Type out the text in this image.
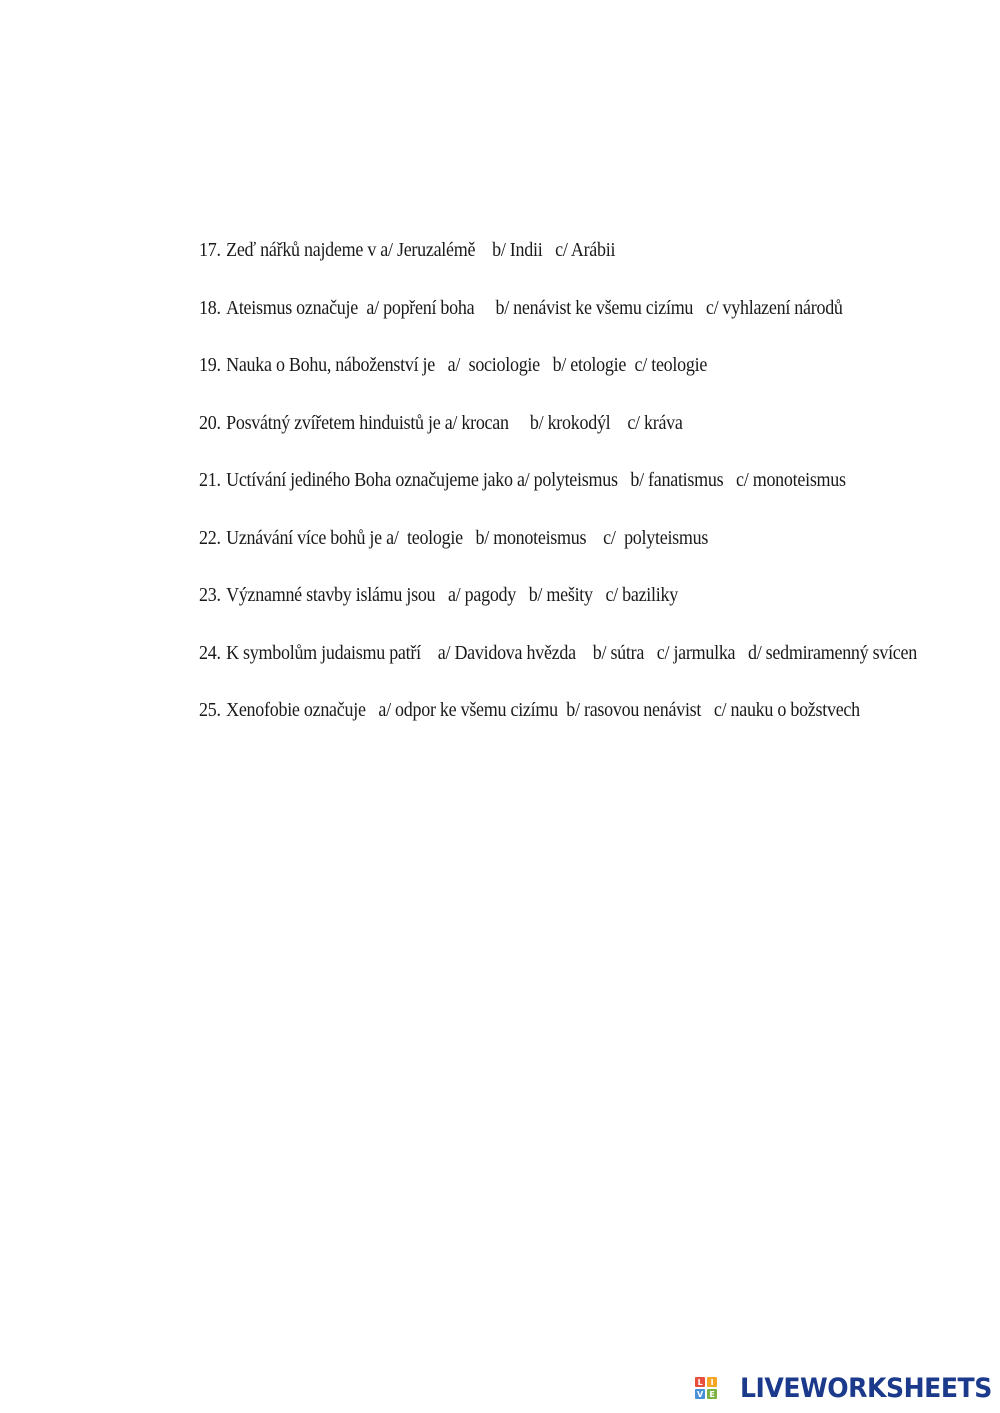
17. Zeď nářků najdeme v a/ Jeruzalémě    b/ Indii   c/ Arábii
18. Ateismus označuje  a/ popření boha     b/ nenávist ke všemu cizímu   c/ vyhlazení národů
19. Nauka o Bohu, náboženství je   a/  sociologie   b/ etologie  c/ teologie
20. Posvátný zvířetem hinduistů je a/ krocan     b/ krokodýl    c/ kráva
21. Uctívání jediného Boha označujeme jako a/ polyteismus   b/ fanatismus   c/ monoteismus
22. Uznávání více bohů je a/  teologie   b/ monoteismus    c/  polyteismus
23. Významné stavby islámu jsou   a/ pagody   b/ mešity   c/ baziliky
24. K symbolům judaismu patří    a/ Davidova hvězda    b/ sútra   c/ jarmulka   d/ sedmiramenný svícen
25. Xenofobie označuje   a/ odpor ke všemu cizímu  b/ rasovou nenávist   c/ nauku o božstvech
L I
V E LIVEWORKSHEETS
